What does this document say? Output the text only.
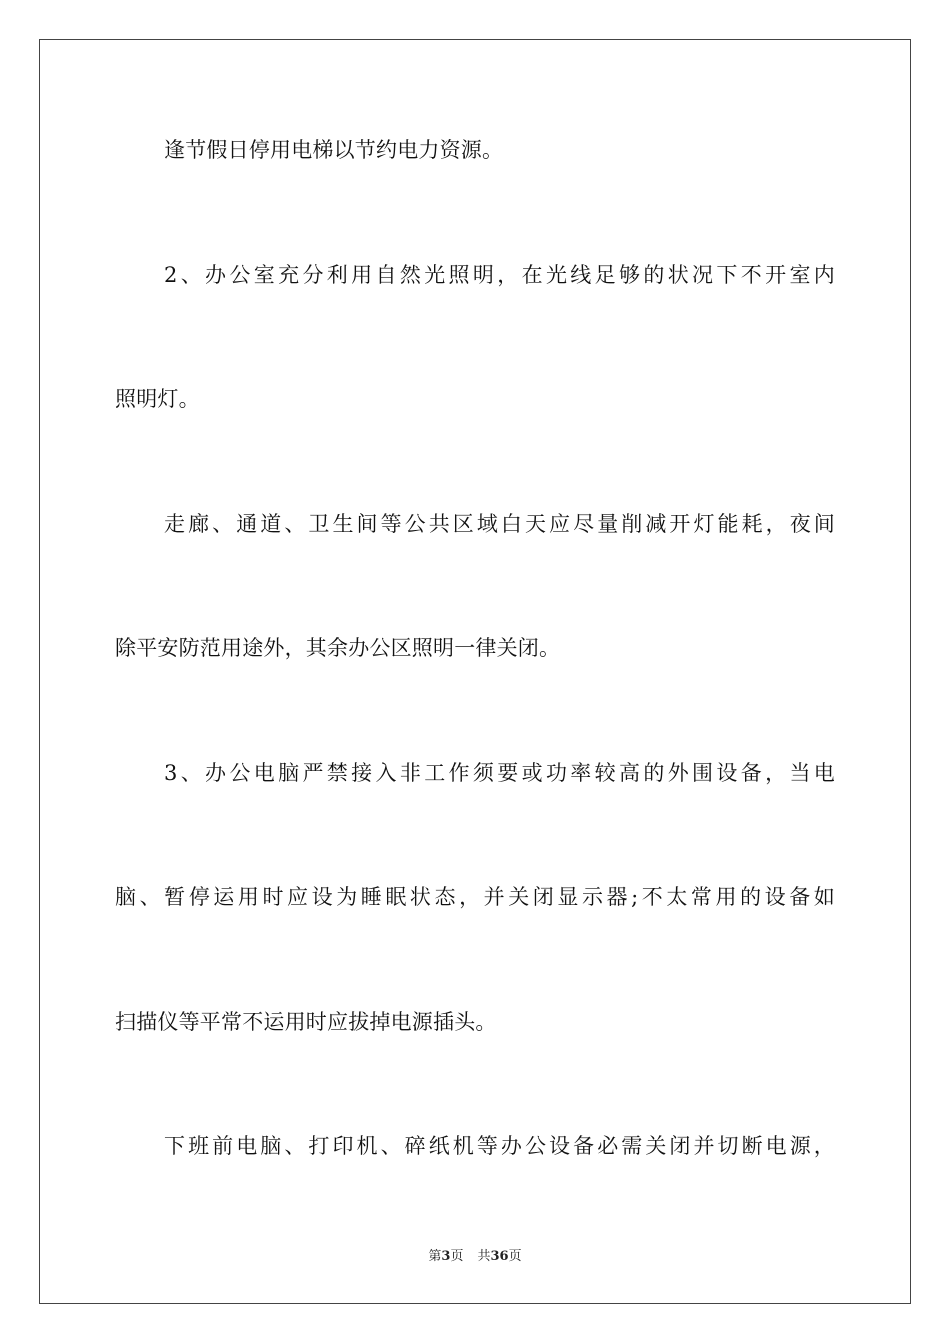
逢节假日停用电梯以节约电力资源。
2、办公室充分利用自然光照明，在光线足够的状况下不开室内
照明灯。
走廊、通道、卫生间等公共区域白天应尽量削减开灯能耗，夜间
除平安防范用途外，其余办公区照明一律关闭。
3、办公电脑严禁接入非工作须要或功率较高的外围设备，当电
脑、暂停运用时应设为睡眠状态，并关闭显示器;不太常用的设备如
扫描仪等平常不运用时应拔掉电源插头。
下班前电脑、打印机、碎纸机等办公设备必需关闭并切断电源，
第3页 共36页
